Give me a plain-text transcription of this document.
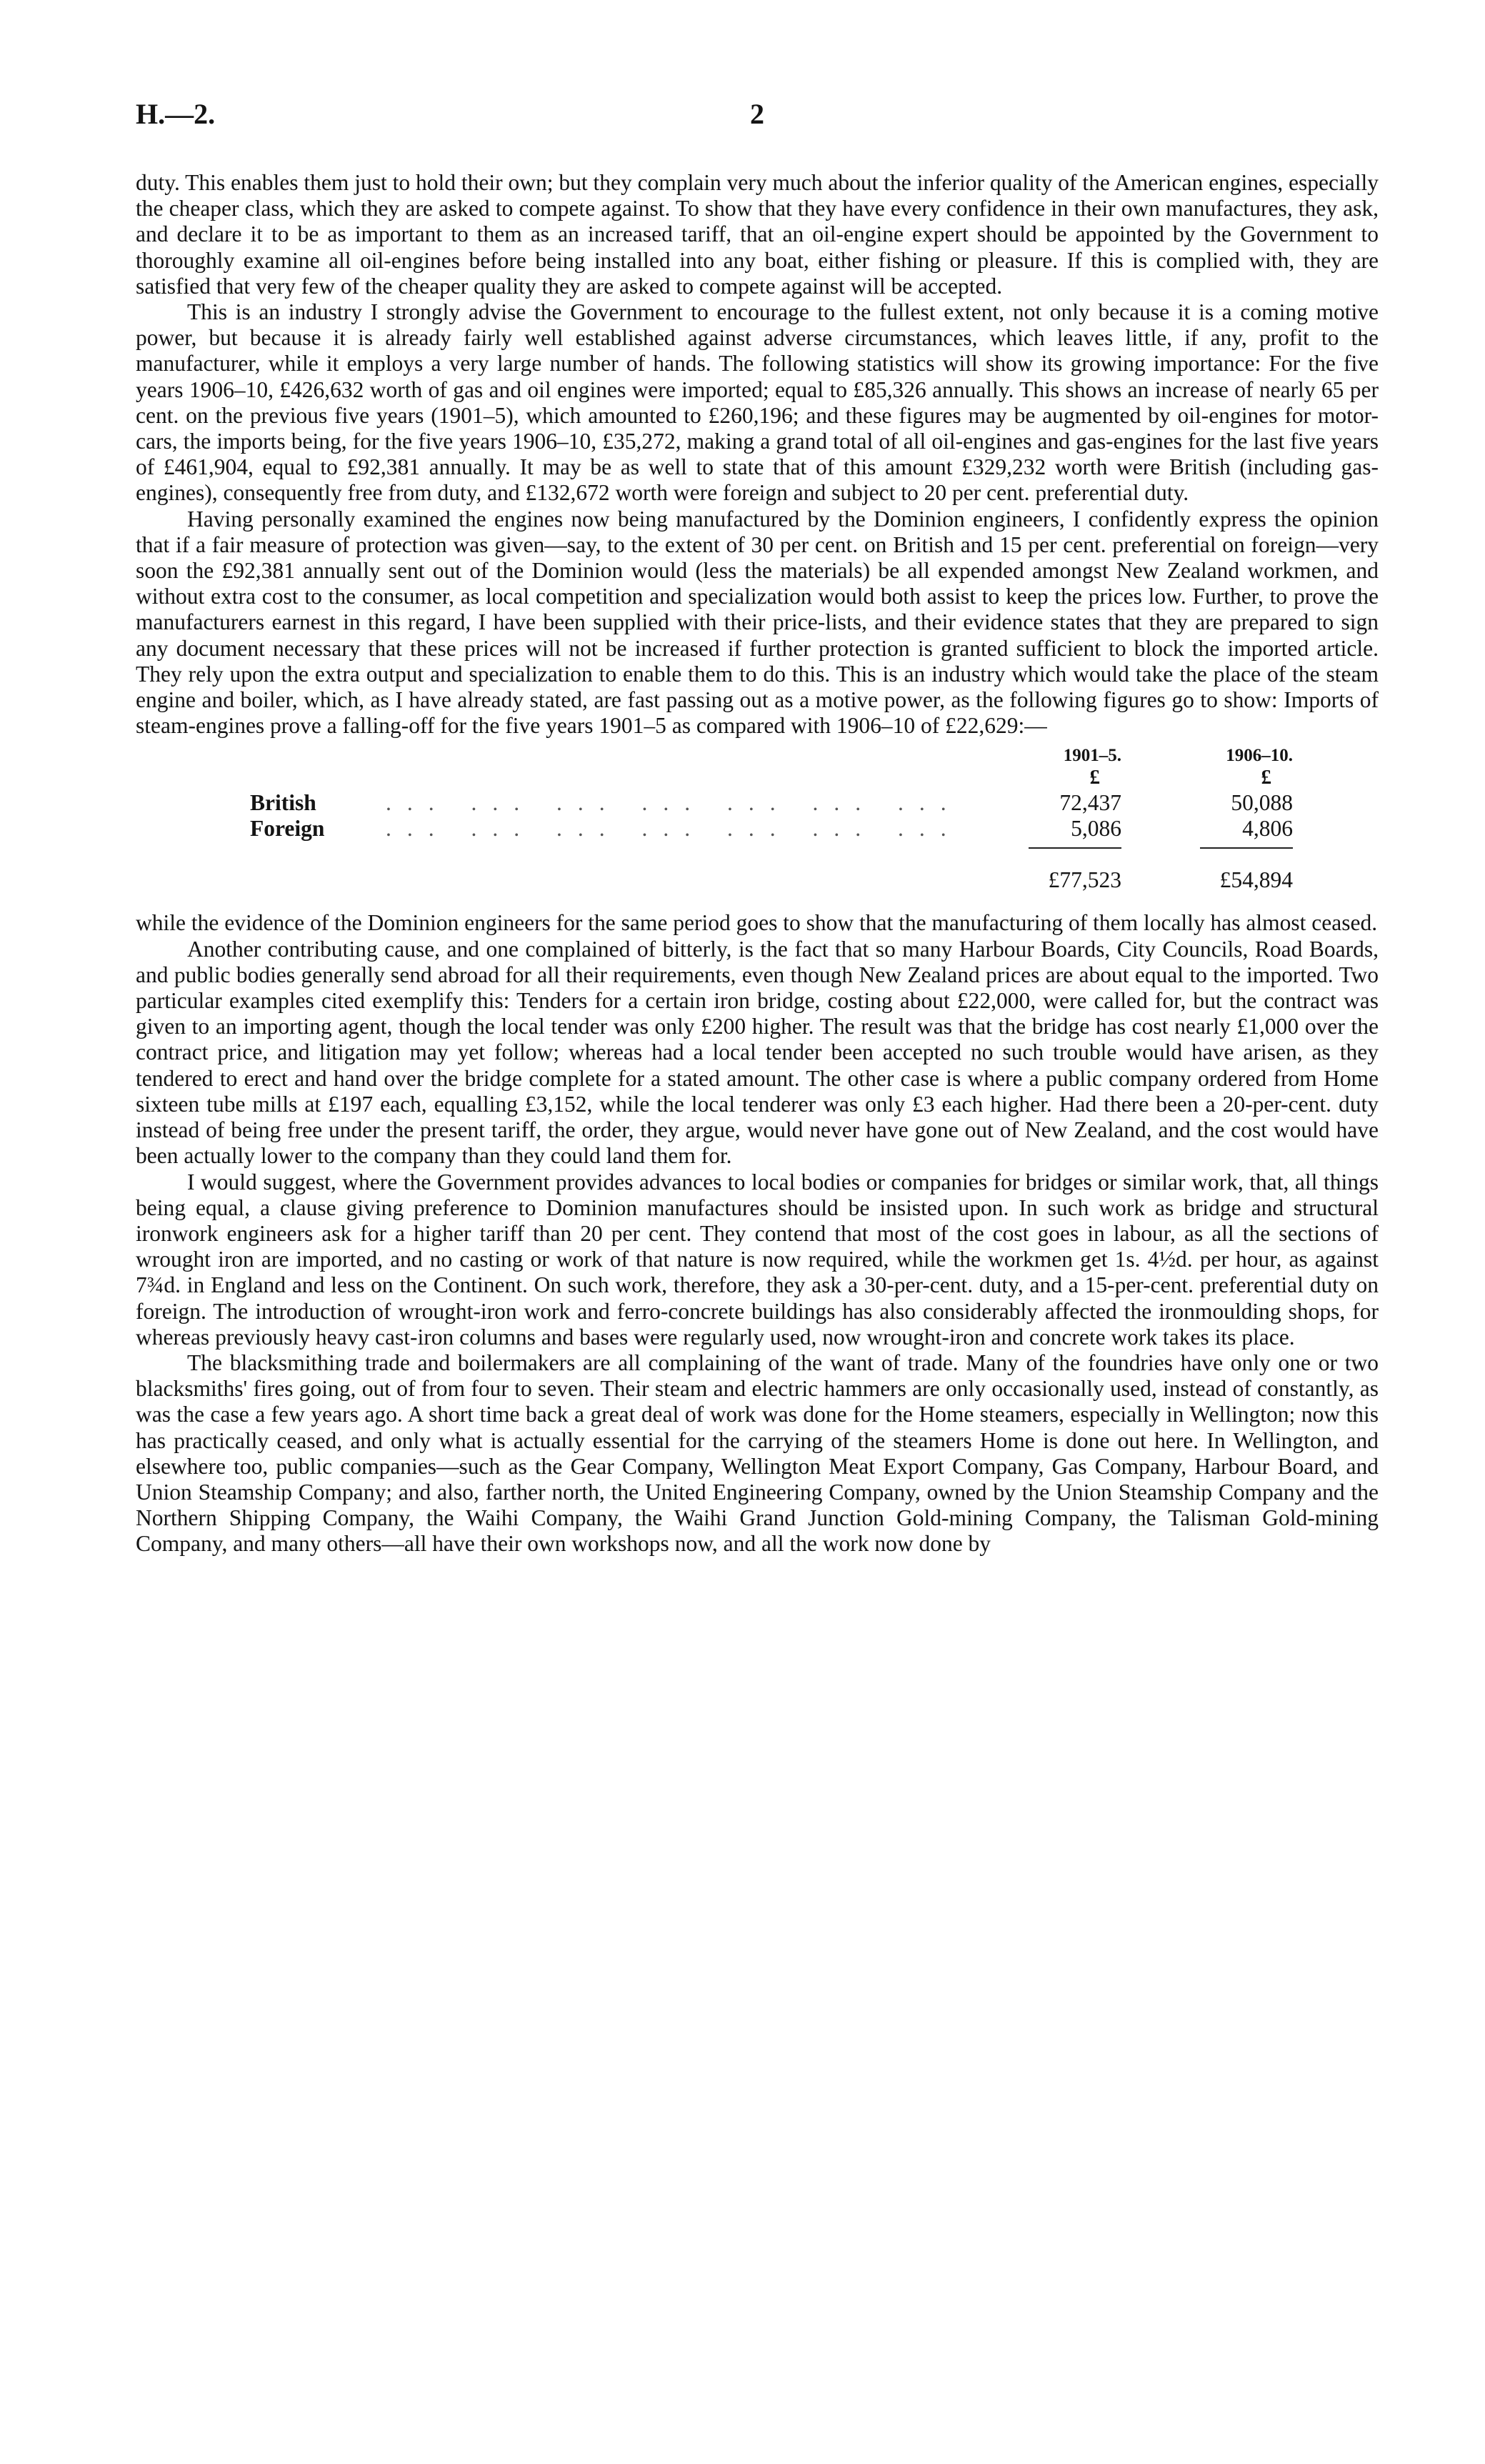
H.—2.	2

duty. This enables them just to hold their own; but they complain very much about the inferior quality of the American engines, especially the cheaper class, which they are asked to compete against. To show that they have every confidence in their own manufactures, they ask, and declare it to be as important to them as an increased tariff, that an oil-engine expert should be appointed by the Government to thoroughly examine all oil-engines before being installed into any boat, either fishing or pleasure. If this is complied with, they are satisfied that very few of the cheaper quality they are asked to compete against will be accepted.

This is an industry I strongly advise the Government to encourage to the fullest extent, not only because it is a coming motive power, but because it is already fairly well established against adverse circumstances, which leaves little, if any, profit to the manufacturer, while it employs a very large number of hands. The following statistics will show its growing importance: For the five years 1906–10, £426,632 worth of gas and oil engines were imported; equal to £85,326 annually. This shows an increase of nearly 65 per cent. on the previous five years (1901–5), which amounted to £260,196; and these figures may be augmented by oil-engines for motor-cars, the imports being, for the five years 1906–10, £35,272, making a grand total of all oil-engines and gas-engines for the last five years of £461,904, equal to £92,381 annually. It may be as well to state that of this amount £329,232 worth were British (including gas-engines), consequently free from duty, and £132,672 worth were foreign and subject to 20 per cent. preferential duty.

Having personally examined the engines now being manufactured by the Dominion engineers, I confidently express the opinion that if a fair measure of protection was given—say, to the extent of 30 per cent. on British and 15 per cent. preferential on foreign—very soon the £92,381 annually sent out of the Dominion would (less the materials) be all expended amongst New Zealand workmen, and without extra cost to the consumer, as local competition and specialization would both assist to keep the prices low. Further, to prove the manufacturers earnest in this regard, I have been supplied with their price-lists, and their evidence states that they are prepared to sign any document necessary that these prices will not be increased if further protection is granted sufficient to block the imported article. They rely upon the extra output and specialization to enable them to do this. This is an industry which would take the place of the steam engine and boiler, which, as I have already stated, are fast passing out as a motive power, as the following figures go to show: Imports of steam-engines prove a falling-off for the five years 1901–5 as compared with 1906–10 of £22,629:—

1901–5.	1906–10.
£	£
British	... ... ... ... ... ... ...	72,437	50,088
Foreign	... ... ... ... ... ... ...	5,086	4,806
£77,523	£54,894

while the evidence of the Dominion engineers for the same period goes to show that the manufacturing of them locally has almost ceased.

Another contributing cause, and one complained of bitterly, is the fact that so many Harbour Boards, City Councils, Road Boards, and public bodies generally send abroad for all their requirements, even though New Zealand prices are about equal to the imported. Two particular examples cited exemplify this: Tenders for a certain iron bridge, costing about £22,000, were called for, but the contract was given to an importing agent, though the local tender was only £200 higher. The result was that the bridge has cost nearly £1,000 over the contract price, and litigation may yet follow; whereas had a local tender been accepted no such trouble would have arisen, as they tendered to erect and hand over the bridge complete for a stated amount. The other case is where a public company ordered from Home sixteen tube mills at £197 each, equalling £3,152, while the local tenderer was only £3 each higher. Had there been a 20-per-cent. duty instead of being free under the present tariff, the order, they argue, would never have gone out of New Zealand, and the cost would have been actually lower to the company than they could land them for.

I would suggest, where the Government provides advances to local bodies or companies for bridges or similar work, that, all things being equal, a clause giving preference to Dominion manufactures should be insisted upon. In such work as bridge and structural ironwork engineers ask for a higher tariff than 20 per cent. They contend that most of the cost goes in labour, as all the sections of wrought iron are imported, and no casting or work of that nature is now required, while the workmen get 1s. 4½d. per hour, as against 7¾d. in England and less on the Continent. On such work, therefore, they ask a 30-per-cent. duty, and a 15-per-cent. preferential duty on foreign. The introduction of wrought-iron work and ferro-concrete buildings has also considerably affected the ironmoulding shops, for whereas previously heavy cast-iron columns and bases were regularly used, now wrought-iron and concrete work takes its place.

The blacksmithing trade and boilermakers are all complaining of the want of trade. Many of the foundries have only one or two blacksmiths' fires going, out of from four to seven. Their steam and electric hammers are only occasionally used, instead of constantly, as was the case a few years ago. A short time back a great deal of work was done for the Home steamers, especially in Wellington; now this has practically ceased, and only what is actually essential for the carrying of the steamers Home is done out here. In Wellington, and elsewhere too, public companies—such as the Gear Company, Wellington Meat Export Company, Gas Company, Harbour Board, and Union Steamship Company; and also, farther north, the United Engineering Company, owned by the Union Steamship Company and the Northern Shipping Company, the Waihi Company, the Waihi Grand Junction Gold-mining Company, the Talisman Gold-mining Company, and many others—all have their own workshops now, and all the work now done by
